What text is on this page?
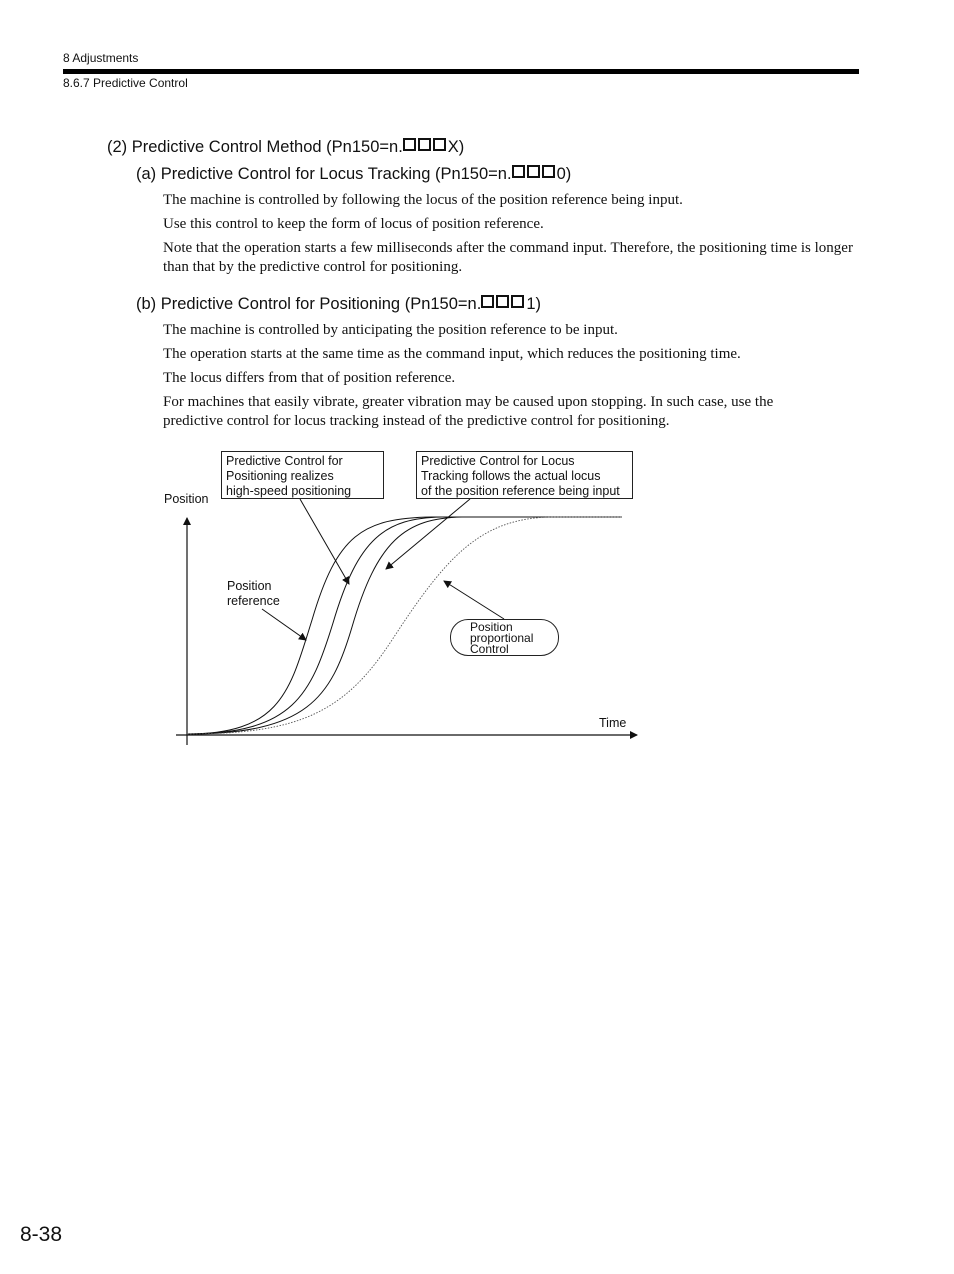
8 Adjustments
8.6.7 Predictive Control
(2) Predictive Control Method (Pn150=n.	X)
(a) Predictive Control for Locus Tracking (Pn150=n.	0)
The machine is controlled by following the locus of the position reference being input.
Use this control to keep the form of locus of position reference.
Note that the operation starts a few milliseconds after the command input. Therefore, the positioning time is longer than that by the predictive control for positioning.
(b) Predictive Control for Positioning (Pn150=n.	1)
The machine is controlled by anticipating the position reference to be input.
The operation starts at the same time as the command input, which reduces the positioning time.
The locus differs from that of position reference.
For machines that easily vibrate, greater vibration may be caused upon stopping. In such case, use the predictive control for locus tracking instead of the predictive control for positioning.
Position
Time
Predictive Control for
Positioning realizes
high-speed positioning
Predictive Control for Locus
Tracking follows the actual locus
of the position reference being input
Position
reference
Position
proportional
Control
8-38
